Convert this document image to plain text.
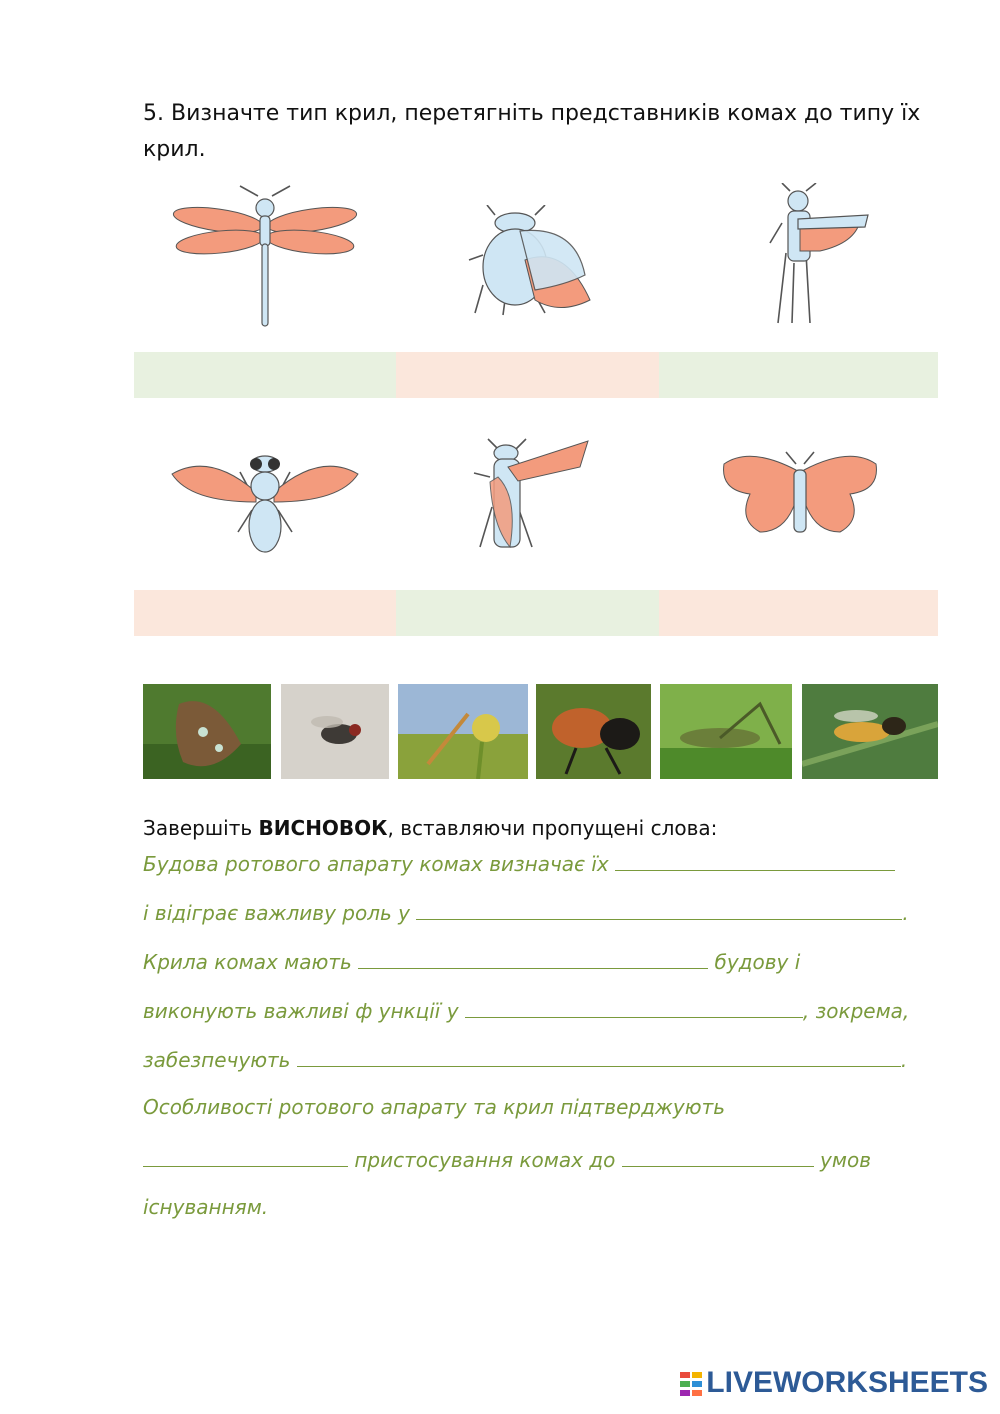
5. Визначте тип крил, перетягніть представників комах до типу їх крил.
Завершіть ВИСНОВОК, вставляючи пропущені слова:
Будова ротового апарату комах визначає їх
і відіграє важливу роль у	.
Крила комах мають	будову і
виконують важливі ф ункції у	, зокрема,
забезпечують	.
Особливості ротового апарату та крил підтверджують
пристосування комах до	умов
існуванням.
LIVEWORKSHEETS
